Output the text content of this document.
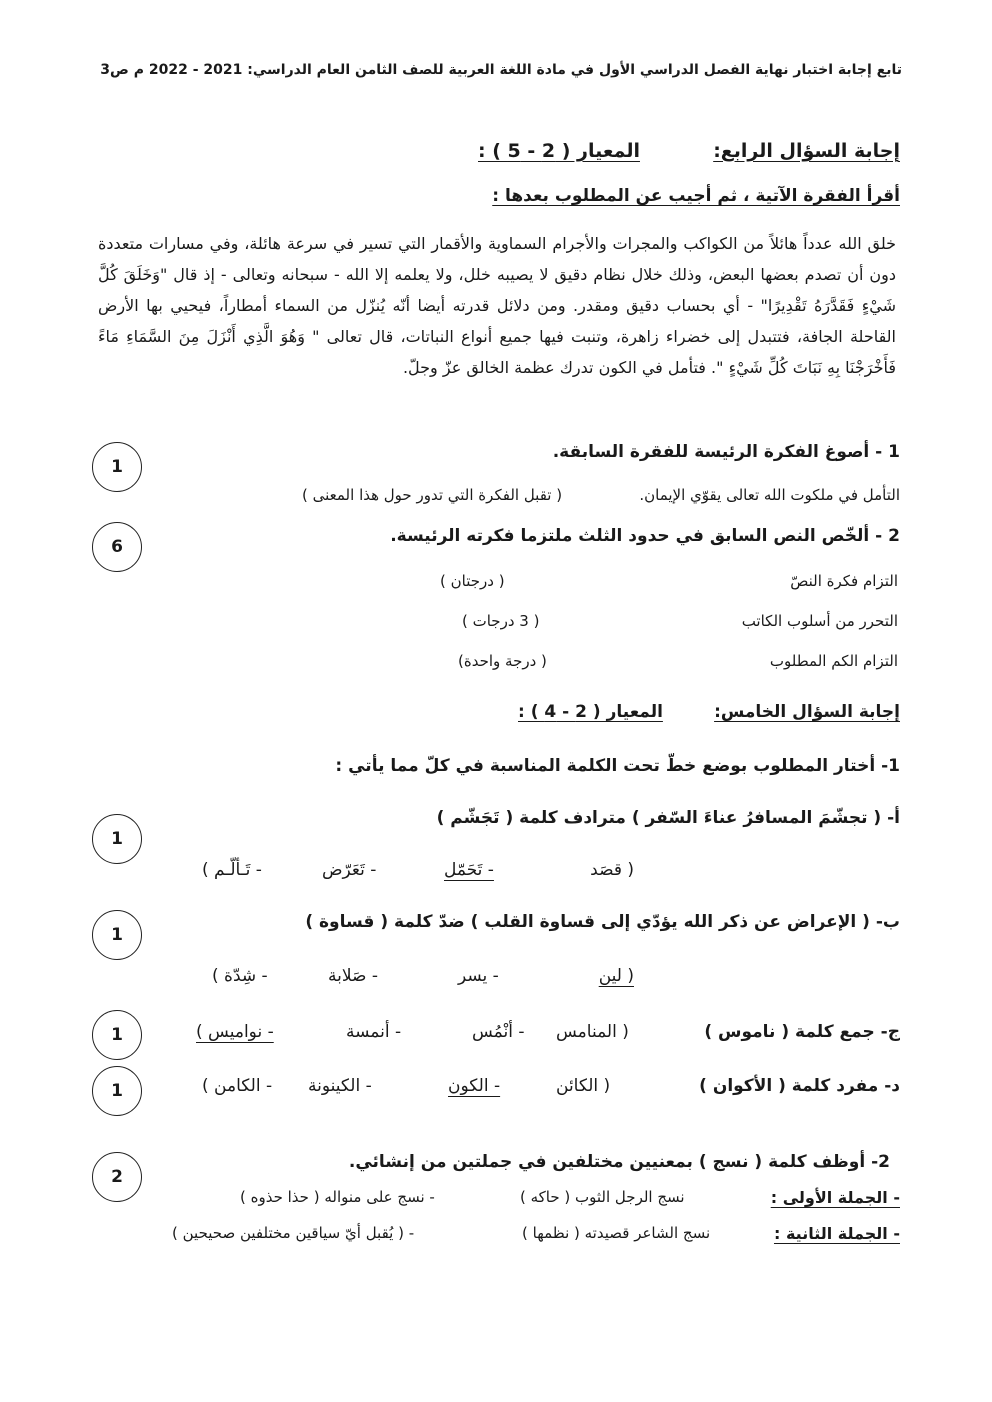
تابع إجابة اختبار نهاية الفصل الدراسي الأول في مادة اللغة العربية للصف الثامن العام الدراسي: 2021 - 2022 م ص3
إجابة السؤال الرابع:
المعيار ( 2 - 5 ) :
أقرأ الفقرة الآتية ، ثم أجيب عن المطلوب بعدها :

خلق الله عدداً هائلاً من الكواكب والمجرات والأجرام السماوية والأقمار التي تسير في سرعة هائلة، وفي مسارات متعددة دون أن تصدم بعضها البعض، وذلك خلال نظام دقيق لا يصيبه خلل، ولا يعلمه إلا الله - سبحانه وتعالى - إذ قال "وَخَلَقَ كُلَّ شَيْءٍ فَقَدَّرَهُ تَقْدِيرًا" - أي بحساب دقيق ومقدر. ومن دلائل قدرته أيضا أنّه يُنزّل من السماء أمطاراً، فيحيي بها الأرض القاحلة الجافة، فتتبدل إلى خضراء زاهرة، وتنبت فيها جميع أنواع النباتات، قال تعالى " وَهُوَ الَّذِي أَنْزَلَ مِنَ السَّمَاءِ مَاءً فَأَخْرَجْنَا بِهِ نَبَاتَ كُلِّ شَيْءٍ ". فتأمل في الكون تدرك عظمة الخالق عزّ وجلّ.

1 - أصوغ الفكرة الرئيسة للفقرة السابقة.
1
التأمل في ملكوت الله تعالى يقوّي الإيمان.
( تقبل الفكرة التي تدور حول هذا المعنى )
2 - ألخّص النص السابق في حدود الثلث ملتزما فكرته الرئيسة.
6
التزام فكرة النصّ
( درجتان )
التحرر من أسلوب الكاتب
( 3 درجات )
التزام الكم المطلوب
( درجة واحدة)
إجابة السؤال الخامس:
المعيار ( 2 - 4 ) :
1- أختار المطلوب بوضع خطّ تحت الكلمة المناسبة في كلّ مما يأتي :
أ- ( تجشّمَ المسافرُ عناءَ السّفر ) مترادف كلمة ( تَجَشّم )
1
( قصَد
- تَحَمّل
- تَعَرّض
- تَـألّـم )
ب- ( الإعراض عن ذكر الله يؤدّي إلى قساوة القلب ) ضدّ كلمة ( قساوة )
1
( لين
- يسر
- صَلابة
- شِدّة )
ج- جمع كلمة ( ناموس )
1	( المنامس
- أنْمُس
- أنمسة
- نواميس )
د- مفرد كلمة ( الأكوان )
1	( الكائن
- الكون
- الكينونة
- الكامن )
2- أوظف كلمة ( نسج ) بمعنيين مختلفين في جملتين من إنشائي.
2
- الجملة الأولى :
نسج الرجل الثوب ( حاكه )
- نسج على منواله ( حذا حذوه )
- الجملة الثانية :
نسج الشاعر قصيدته ( نظمها )
- ( يُقبل أيّ سياقين مختلفين صحيحين )
